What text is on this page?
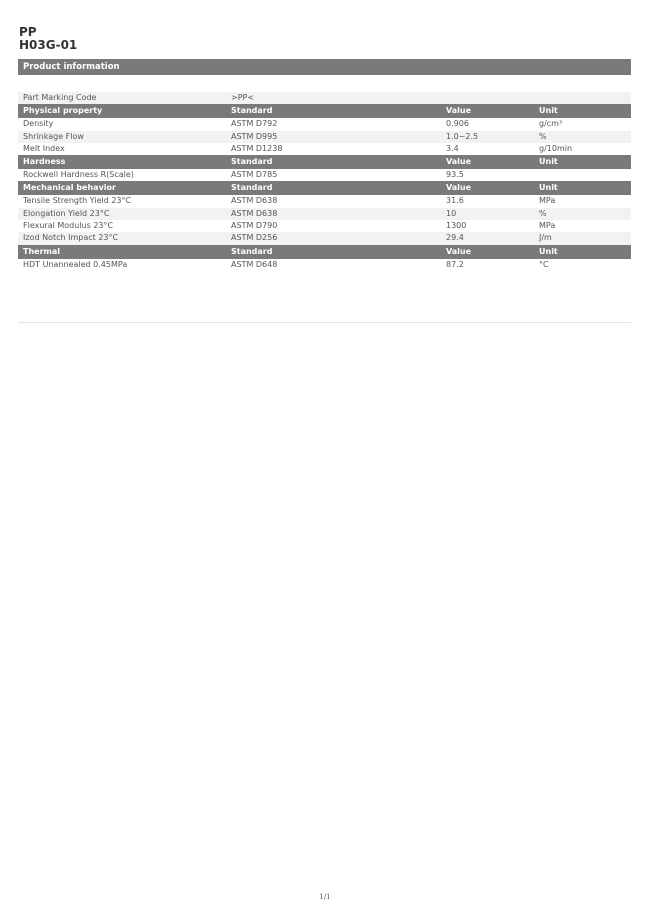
PP
H03G-01
Product information
Part Marking Code	>PP<
Physical property	Standard	Value	Unit
Density	ASTM D792	0.906	g/cm³
Shrinkage Flow	ASTM D995	1.0~2.5	%
Melt Index	ASTM D1238	3.4	g/10min
Hardness	Standard	Value	Unit
Rockwell Hardness R(Scale)	ASTM D785	93.5
Mechanical behavior	Standard	Value	Unit
Tensile Strength Yield 23°C	ASTM D638	31.6	MPa
Elongation Yield 23°C	ASTM D638	10	%
Flexural Modulus 23°C	ASTM D790	1300	MPa
Izod Notch Impact 23°C	ASTM D256	29.4	J/m
Thermal	Standard	Value	Unit
HDT Unannealed 0.45MPa	ASTM D648	87.2	°C
1/1
